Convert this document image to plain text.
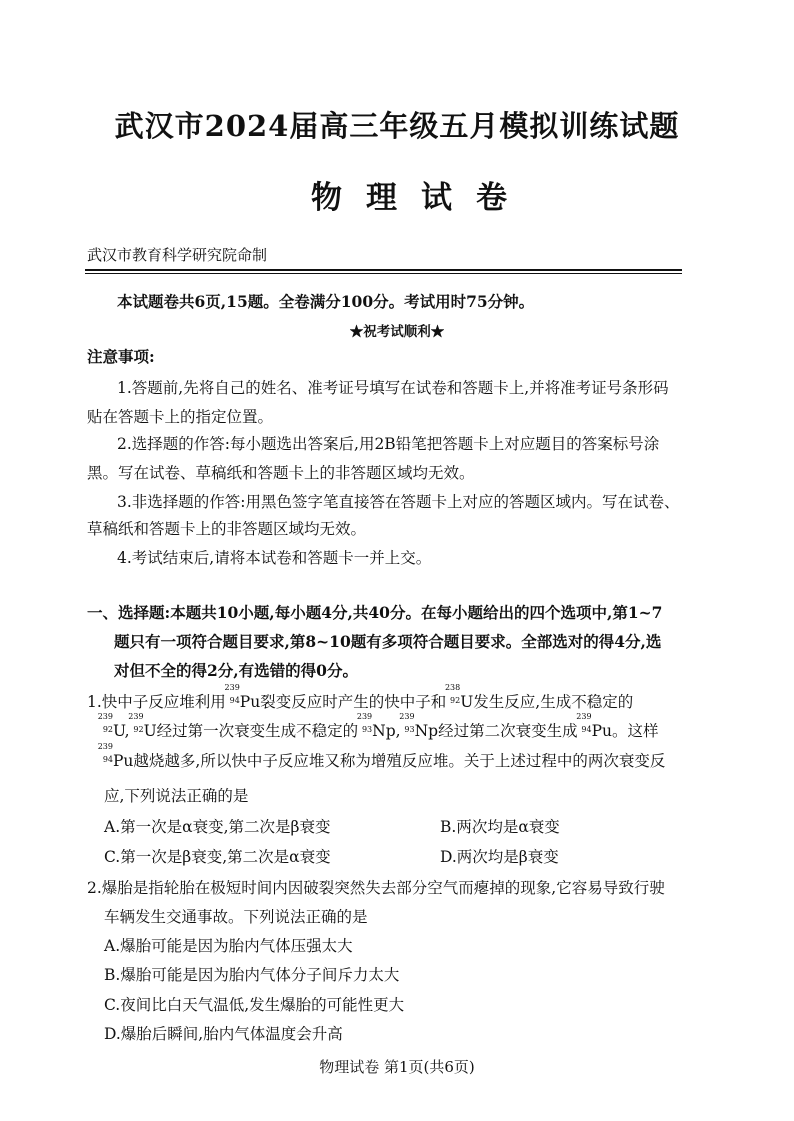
武汉市2024届高三年级五月模拟训练试题
物理试卷
武汉市教育科学研究院命制
本试题卷共6页,15题。全卷满分100分。考试用时75分钟。
★祝考试顺利★
注意事项:
1.答题前,先将自己的姓名、准考证号填写在试卷和答题卡上,并将准考证号条形码
贴在答题卡上的指定位置。
2.选择题的作答:每小题选出答案后,用2B铅笔把答题卡上对应题目的答案标号涂
黑。写在试卷、草稿纸和答题卡上的非答题区域均无效。
3.非选择题的作答:用黑色签字笔直接答在答题卡上对应的答题区域内。写在试卷、
草稿纸和答题卡上的非答题区域均无效。
4.考试结束后,请将本试卷和答题卡一并上交。
一、选择题:本题共10小题,每小题4分,共40分。在每小题给出的四个选项中,第1~7
题只有一项符合题目要求,第8~10题有多项符合题目要求。全部选对的得4分,选
对但不全的得2分,有选错的得0分。
1.快中子反应堆利用
239
94 Pu裂变反应时产生的快中子和
238
92 U发生反应,生成不稳定的
239
92 U,
239
92 U经过第一次衰变生成不稳定的
239
93 Np,
239
93 Np经过第二次衰变生成
239
94 Pu。这样
239
94 Pu越烧越多,所以快中子反应堆又称为增殖反应堆。关于上述过程中的两次衰变反
应,下列说法正确的是
A.第一次是α衰变,第二次是β衰变	B.两次均是α衰变
C.第一次是β衰变,第二次是α衰变	D.两次均是β衰变
2.爆胎是指轮胎在极短时间内因破裂突然失去部分空气而瘪掉的现象,它容易导致行驶
车辆发生交通事故。下列说法正确的是
A.爆胎可能是因为胎内气体压强太大
B.爆胎可能是因为胎内气体分子间斥力太大
C.夜间比白天气温低,发生爆胎的可能性更大
D.爆胎后瞬间,胎内气体温度会升高
物理试卷 第1页(共6页)
